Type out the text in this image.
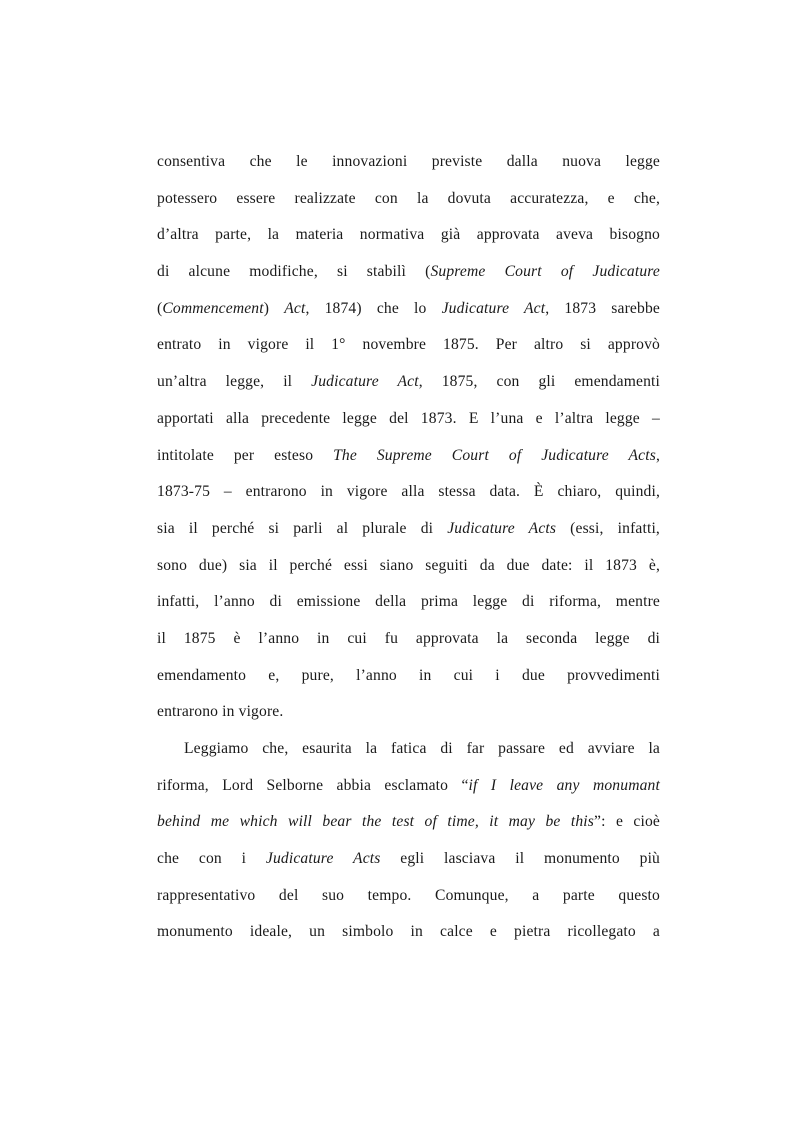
consentiva che le innovazioni previste dalla nuova legge
potessero essere realizzate con la dovuta accuratezza, e che,
d’altra parte, la materia normativa già approvata aveva bisogno
di alcune modifiche, si stabilì (Supreme Court of Judicature
(Commencement) Act, 1874) che lo Judicature Act, 1873 sarebbe
entrato in vigore il 1° novembre 1875. Per altro si approvò
un’altra legge, il Judicature Act, 1875, con gli emendamenti
apportati alla precedente legge del 1873. E l’una e l’altra legge –
intitolate per esteso The Supreme Court of Judicature Acts,
1873-75 – entrarono in vigore alla stessa data. È chiaro, quindi,
sia il perché si parli al plurale di Judicature Acts (essi, infatti,
sono due) sia il perché essi siano seguiti da due date: il 1873 è,
infatti, l’anno di emissione della prima legge di riforma, mentre
il 1875 è l’anno in cui fu approvata la seconda legge di
emendamento e, pure, l’anno in cui i due provvedimenti
entrarono in vigore.
Leggiamo che, esaurita la fatica di far passare ed avviare la
riforma, Lord Selborne abbia esclamato “if I leave any monumant
behind me which will bear the test of time, it may be this”: e cioè
che con i Judicature Acts egli lasciava il monumento più
rappresentativo del suo tempo. Comunque, a parte questo
monumento ideale, un simbolo in calce e pietra ricollegato a
